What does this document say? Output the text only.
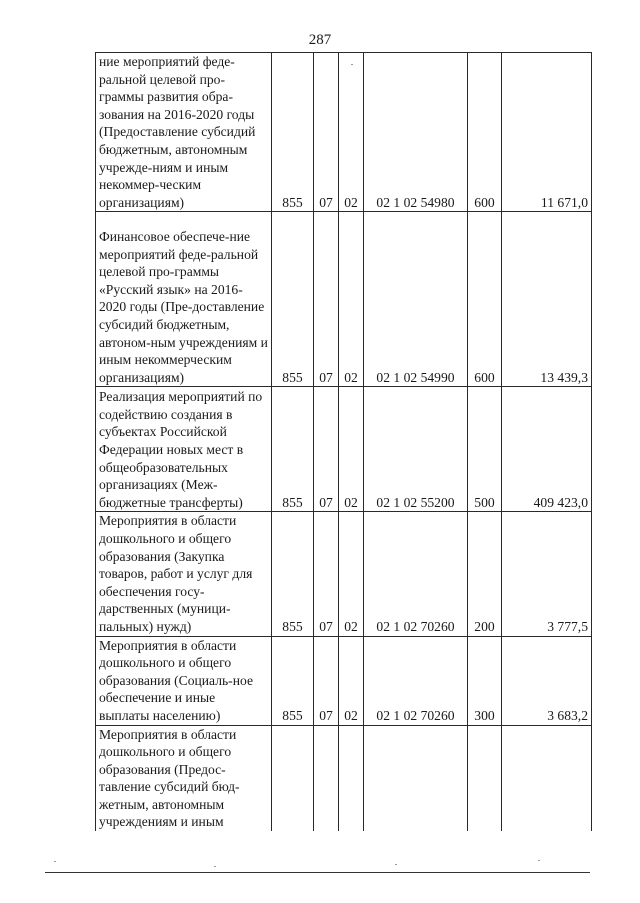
287
ние мероприятий феде-ральной целевой про-граммы развития обра-зования на 2016-2020 годы (Предоставление субсидий бюджетным, автономным учрежде-ниям и иным некоммер-ческим организациям)	855	07	02	02 1 02 54980	600	11 671,0
Финансовое обеспече-ние мероприятий феде-ральной целевой про-граммы «Русский язык» на 2016-2020 годы (Пре-доставление субсидий бюджетным, автоном-ным учреждениям и иным некоммерческим организациям)	855	07	02	02 1 02 54990	600	13 439,3
Реализация мероприятий по содействию создания в субъектах Российской Федерации новых мест в общеобразовательных организациях (Меж-бюджетные трансферты)	855	07	02	02 1 02 55200	500	409 423,0
Мероприятия в области дошкольного и общего образования (Закупка товаров, работ и услуг для обеспечения госу-дарственных (муници-пальных) нужд)	855	07	02	02 1 02 70260	200	3 777,5
Мероприятия в области дошкольного и общего образования (Социаль-ное обеспечение и иные выплаты населению)	855	07	02	02 1 02 70260	300	3 683,2
Мероприятия в области дошкольного и общего образования (Предос-тавление субсидий бюд-жетным, автономным учреждениям и иным						
